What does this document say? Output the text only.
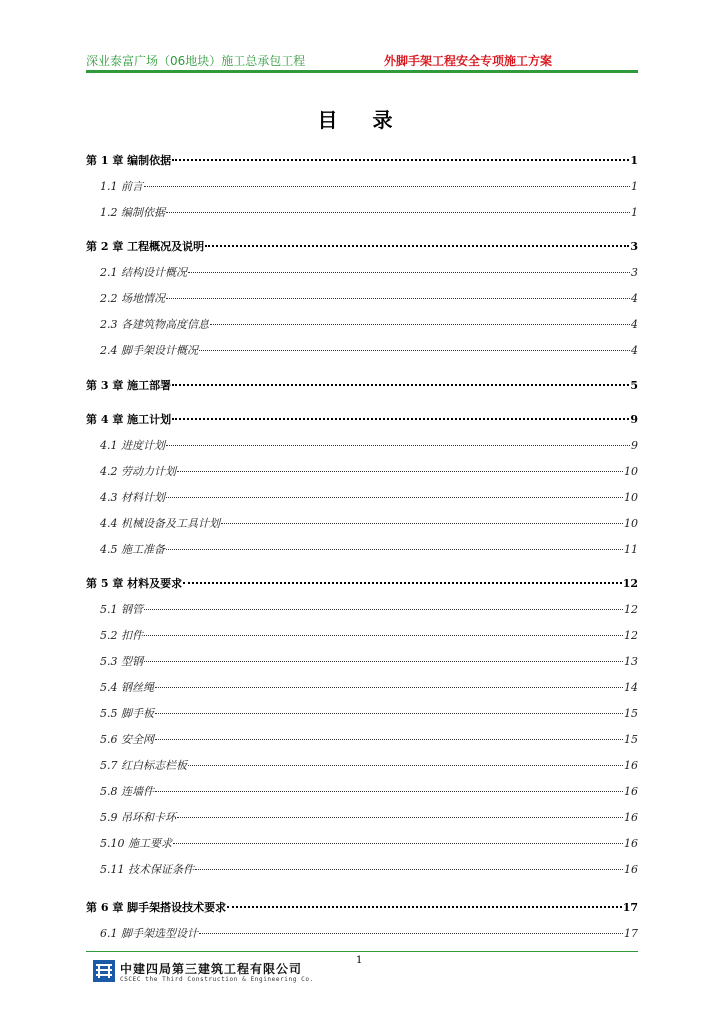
深业泰富广场（06地块）施工总承包工程	外脚手架工程安全专项施工方案
目 录
第 1 章 编制依据	1
1.1 前言	1
1.2 编制依据	1
第 2 章 工程概况及说明	3
2.1 结构设计概况	3
2.2 场地情况	4
2.3 各建筑物高度信息	4
2.4 脚手架设计概况	4
第 3 章 施工部署	5
第 4 章 施工计划	9
4.1 进度计划	9
4.2 劳动力计划	10
4.3 材料计划	10
4.4 机械设备及工具计划	10
4.5 施工准备	11
第 5 章 材料及要求	12
5.1 钢管	12
5.2 扣件	12
5.3 型钢	13
5.4 钢丝绳	14
5.5 脚手板	15
5.6 安全网	15
5.7 红白标志栏板	16
5.8 连墙件	16
5.9 吊环和卡环	16
5.10 施工要求	16
5.11 技术保证条件	16
第 6 章 脚手架搭设技术要求	17
6.1 脚手架选型设计	17
1
中建四局第三建筑工程有限公司
CSCEC the Third Construction & Engineering Co.
